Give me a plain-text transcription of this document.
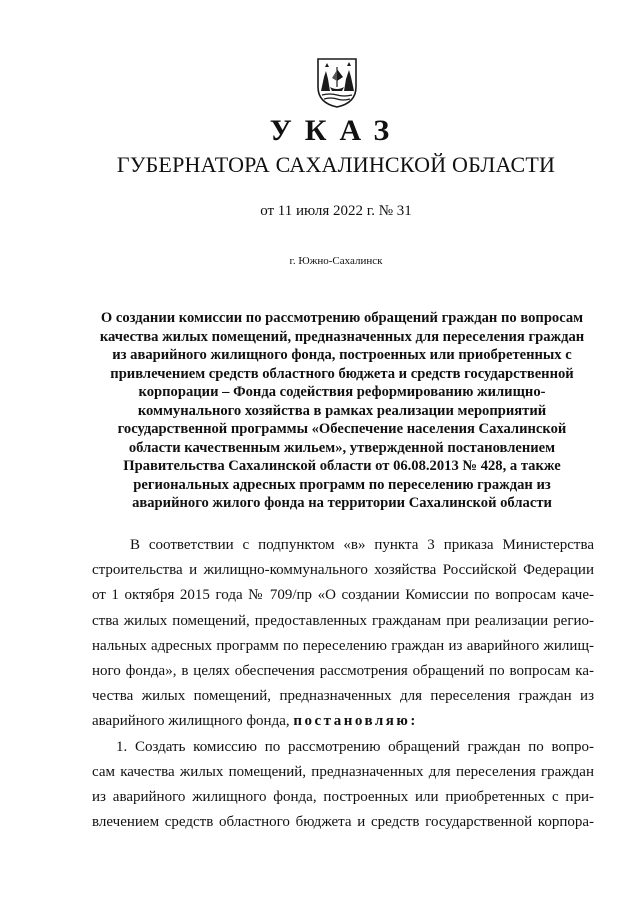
УКАЗ
ГУБЕРНАТОРА САХАЛИНСКОЙ ОБЛАСТИ
от 11 июля 2022 г. № 31
г. Южно-Сахалинск
О создании комиссии по рассмотрению обращений граждан по вопросам
качества жилых помещений, предназначенных для переселения граждан
из аварийного жилищного фонда, построенных или приобретенных с
привлечением средств областного бюджета и средств государственной
корпорации – Фонда содействия реформированию жилищно-
коммунального хозяйства в рамках реализации мероприятий
государственной программы «Обеспечение населения Сахалинской
области качественным жильем», утвержденной постановлением
Правительства Сахалинской области от 06.08.2013 № 428, а также
региональных адресных программ по переселению граждан из
аварийного жилого фонда на территории Сахалинской области
В соответствии с подпунктом «в» пункта 3 приказа Министерства
строительства и жилищно-коммунального хозяйства Российской Федерации
от 1 октября 2015 года № 709/пр «О создании Комиссии по вопросам каче-
ства жилых помещений, предоставленных гражданам при реализации регио-
нальных адресных программ по переселению граждан из аварийного жилищ-
ного фонда», в целях обеспечения рассмотрения обращений по вопросам ка-
чества жилых помещений, предназначенных для переселения граждан из
аварийного жилищного фонда, постановляю:
1. Создать комиссию по рассмотрению обращений граждан по вопро-
сам качества жилых помещений, предназначенных для переселения граждан
из аварийного жилищного фонда, построенных или приобретенных с при-
влечением средств областного бюджета и средств государственной корпора-
